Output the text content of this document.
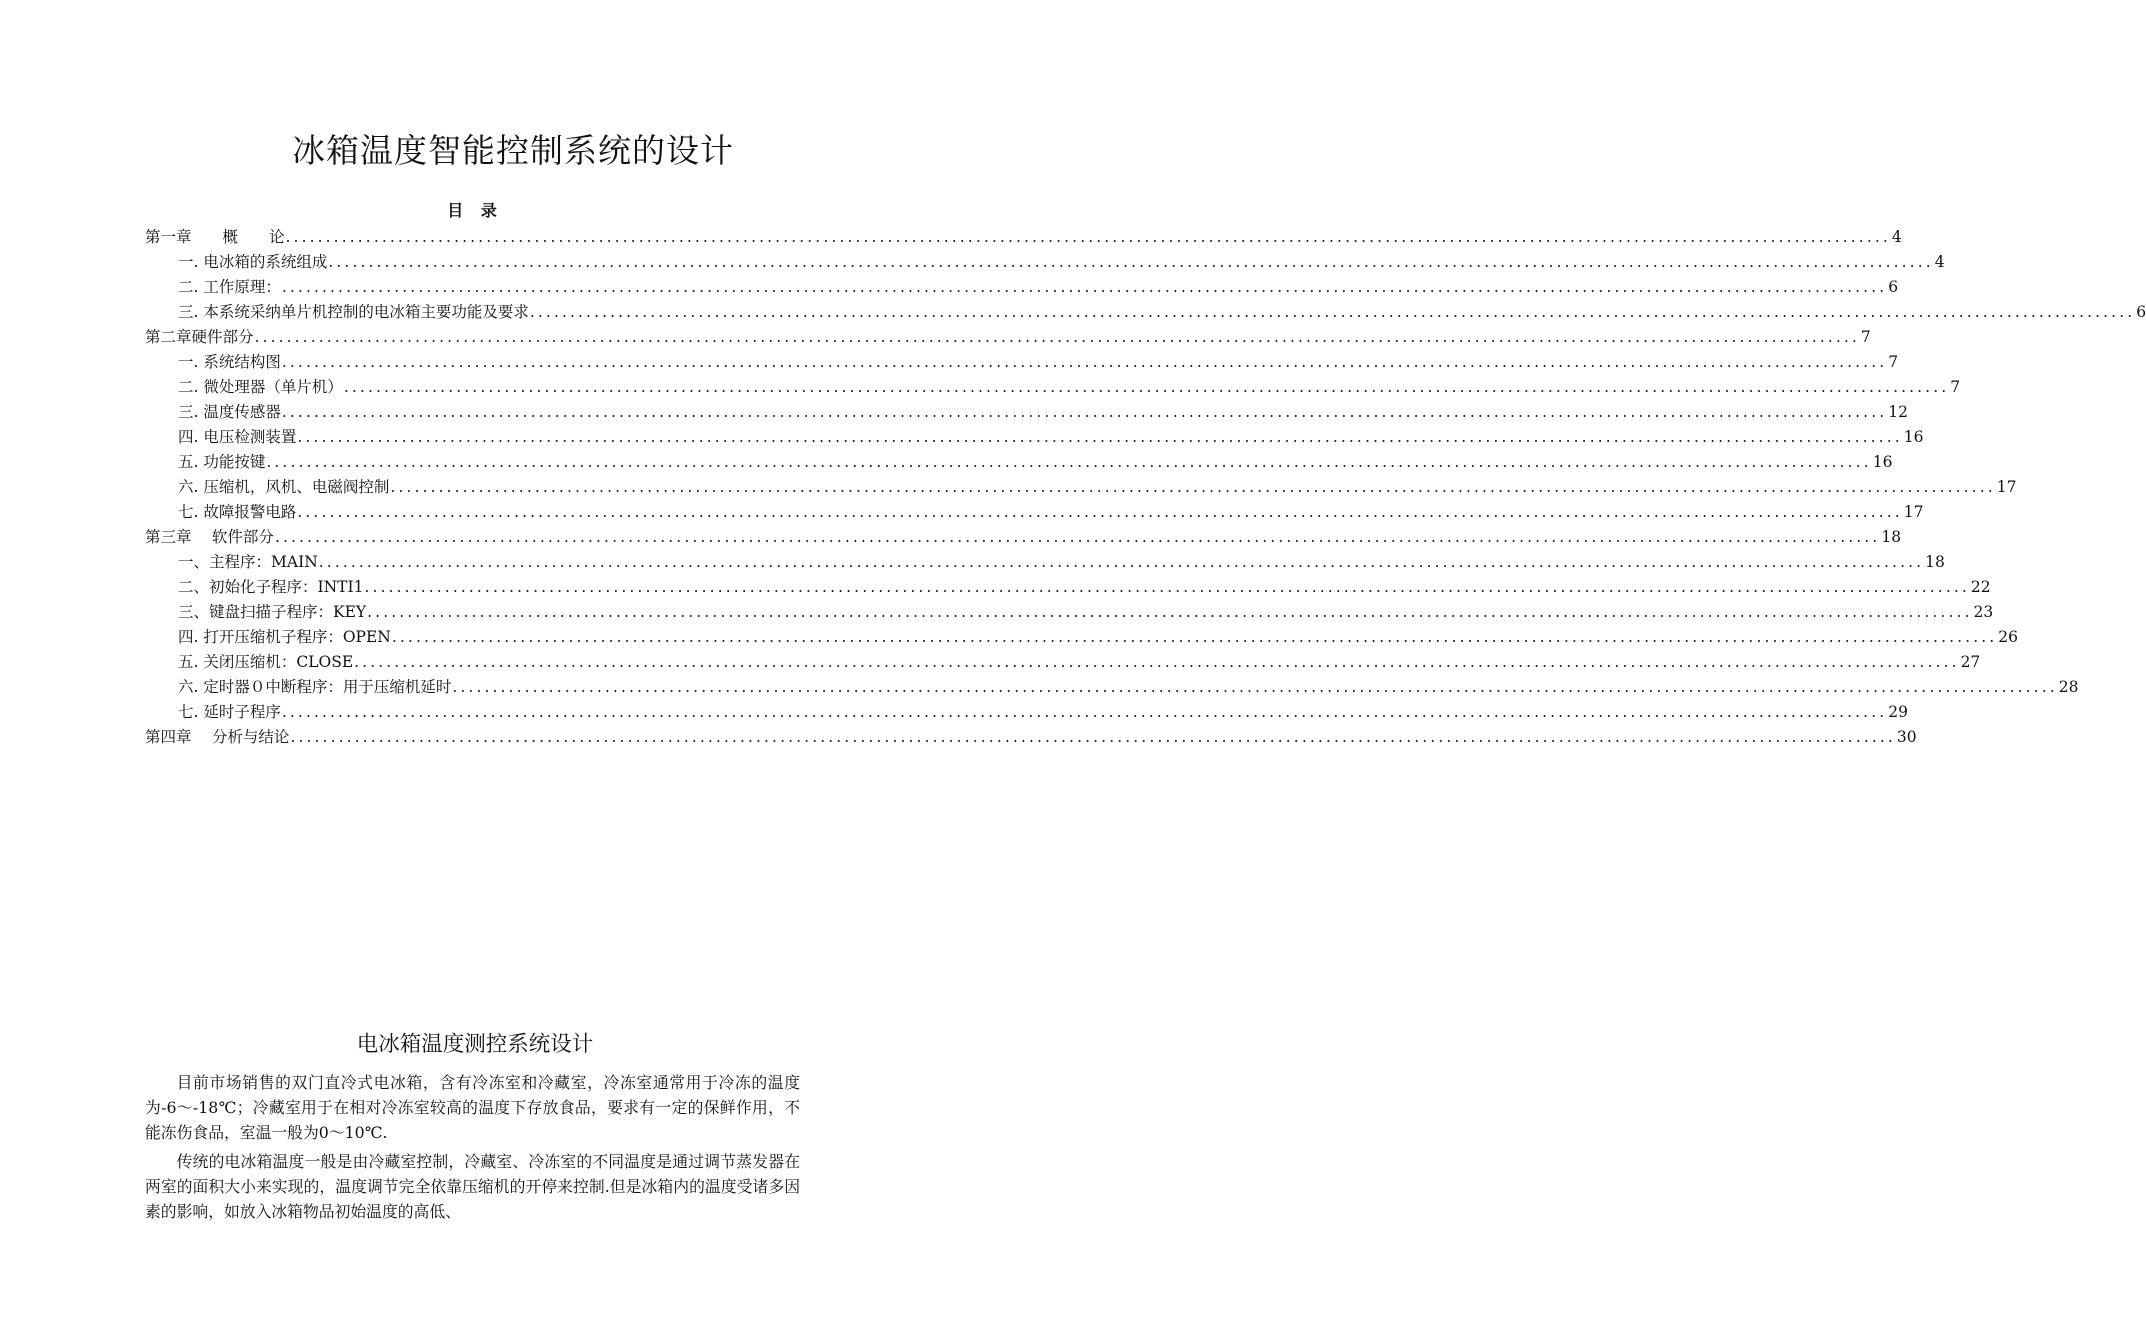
冰箱温度智能控制系统的设计
目 录
第一章　　概　　论 ........................................................................................................................................................................................................ 4
一. 电冰箱的系统组成 ........................................................................................................................................................................................................ 4
二. 工作原理： ........................................................................................................................................................................................................ 6
三. 本系统采纳单片机控制的电冰箱主要功能及要求 ........................................................................................................................................................................................................ 6
第二章硬件部分 ........................................................................................................................................................................................................ 7
一. 系统结构图 ........................................................................................................................................................................................................ 7
二. 微处理器（单片机） ........................................................................................................................................................................................................ 7
三. 温度传感器 ........................................................................................................................................................................................................ 12
四. 电压检测装置 ........................................................................................................................................................................................................ 16
五. 功能按键 ........................................................................................................................................................................................................ 16
六. 压缩机，风机、电磁阀控制 ........................................................................................................................................................................................................ 17
七. 故障报警电路 ........................................................................................................................................................................................................ 17
第三章　 软件部分 ........................................................................................................................................................................................................ 18
一、主程序：MAIN ........................................................................................................................................................................................................ 18
二、初始化子程序：INTI1 ........................................................................................................................................................................................................ 22
三、键盘扫描子程序：KEY ........................................................................................................................................................................................................ 23
四. 打开压缩机子程序：OPEN ........................................................................................................................................................................................................ 26
五. 关闭压缩机：CLOSE ........................................................................................................................................................................................................ 27
六. 定时器０中断程序：用于压缩机延时 ........................................................................................................................................................................................................ 28
七. 延时子程序 ........................................................................................................................................................................................................ 29
第四章　 分析与结论 ........................................................................................................................................................................................................ 30
电冰箱温度测控系统设计

目前市场销售的双门直冷式电冰箱，含有冷冻室和冷藏室，冷冻室通常用于冷冻的温度为-6～-18℃；冷藏室用于在相对冷冻室较高的温度下存放食品，要求有一定的保鲜作用，不能冻伤食品，室温一般为0～10℃.

传统的电冰箱温度一般是由冷藏室控制，冷藏室、冷冻室的不同温度是通过调节蒸发器在两室的面积大小来实现的，温度调节完全依靠压缩机的开停来控制.但是冰箱内的温度受诸多因素的影响，如放入冰箱物品初始温度的高低、
